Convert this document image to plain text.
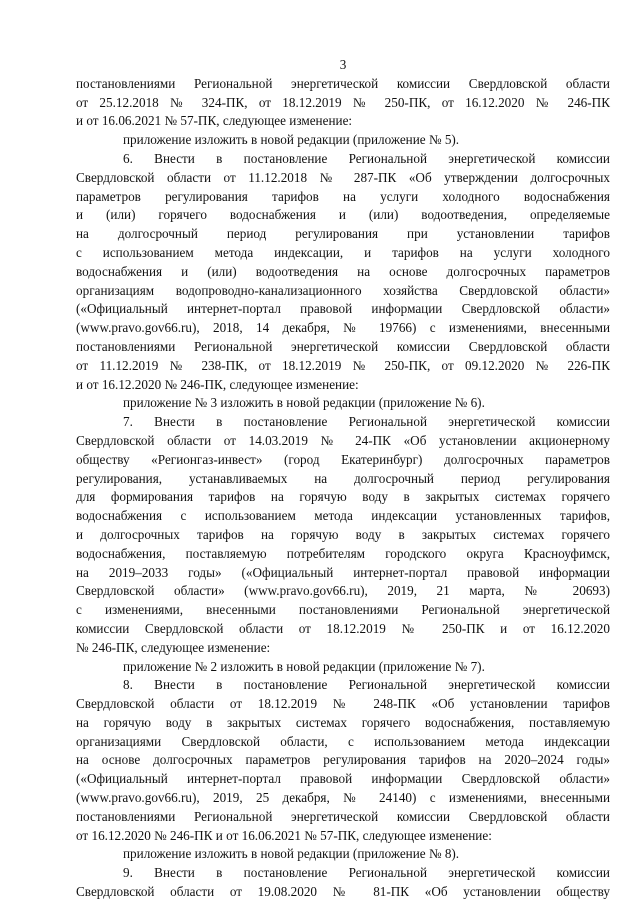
3
постановлениями Региональной энергетической комиссии Свердловской области
от 25.12.2018 № 324-ПК, от 18.12.2019 № 250-ПК, от 16.12.2020 № 246-ПК
и от 16.06.2021 № 57-ПК, следующее изменение:
приложение изложить в новой редакции (приложение № 5).
6. Внести в постановление Региональной энергетической комиссии
Свердловской области от 11.12.2018 № 287-ПК «Об утверждении долгосрочных
параметров регулирования тарифов на услуги холодного водоснабжения
и (или) горячего водоснабжения и (или) водоотведения, определяемые
на долгосрочный период регулирования при установлении тарифов
с использованием метода индексации, и тарифов на услуги холодного
водоснабжения и (или) водоотведения на основе долгосрочных параметров
организациям водопроводно-канализационного хозяйства Свердловской области»
(«Официальный интернет-портал правовой информации Свердловской области»
(www.pravo.gov66.ru), 2018, 14 декабря, № 19766) с изменениями, внесенными
постановлениями Региональной энергетической комиссии Свердловской области
от 11.12.2019 № 238-ПК, от 18.12.2019 № 250-ПК, от 09.12.2020 № 226-ПК
и от 16.12.2020 № 246-ПК, следующее изменение:
приложение № 3 изложить в новой редакции (приложение № 6).
7. Внести в постановление Региональной энергетической комиссии
Свердловской области от 14.03.2019 № 24-ПК «Об установлении акционерному
обществу «Регионгаз-инвест» (город Екатеринбург) долгосрочных параметров
регулирования, устанавливаемых на долгосрочный период регулирования
для формирования тарифов на горячую воду в закрытых системах горячего
водоснабжения с использованием метода индексации установленных тарифов,
и долгосрочных тарифов на горячую воду в закрытых системах горячего
водоснабжения, поставляемую потребителям городского округа Красноуфимск,
на 2019–2033 годы» («Официальный интернет-портал правовой информации
Свердловской области» (www.pravo.gov66.ru), 2019, 21 марта, № 20693)
с изменениями, внесенными постановлениями Региональной энергетической
комиссии Свердловской области от 18.12.2019 № 250-ПК и от 16.12.2020
№ 246-ПК, следующее изменение:
приложение № 2 изложить в новой редакции (приложение № 7).
8. Внести в постановление Региональной энергетической комиссии
Свердловской области от 18.12.2019 № 248-ПК «Об установлении тарифов
на горячую воду в закрытых системах горячего водоснабжения, поставляемую
организациями Свердловской области, с использованием метода индексации
на основе долгосрочных параметров регулирования тарифов на 2020–2024 годы»
(«Официальный интернет-портал правовой информации Свердловской области»
(www.pravo.gov66.ru), 2019, 25 декабря, № 24140) с изменениями, внесенными
постановлениями Региональной энергетической комиссии Свердловской области
от 16.12.2020 № 246-ПК и от 16.06.2021 № 57-ПК, следующее изменение:
приложение изложить в новой редакции (приложение № 8).
9. Внести в постановление Региональной энергетической комиссии
Свердловской области от 19.08.2020 № 81-ПК «Об установлении обществу
